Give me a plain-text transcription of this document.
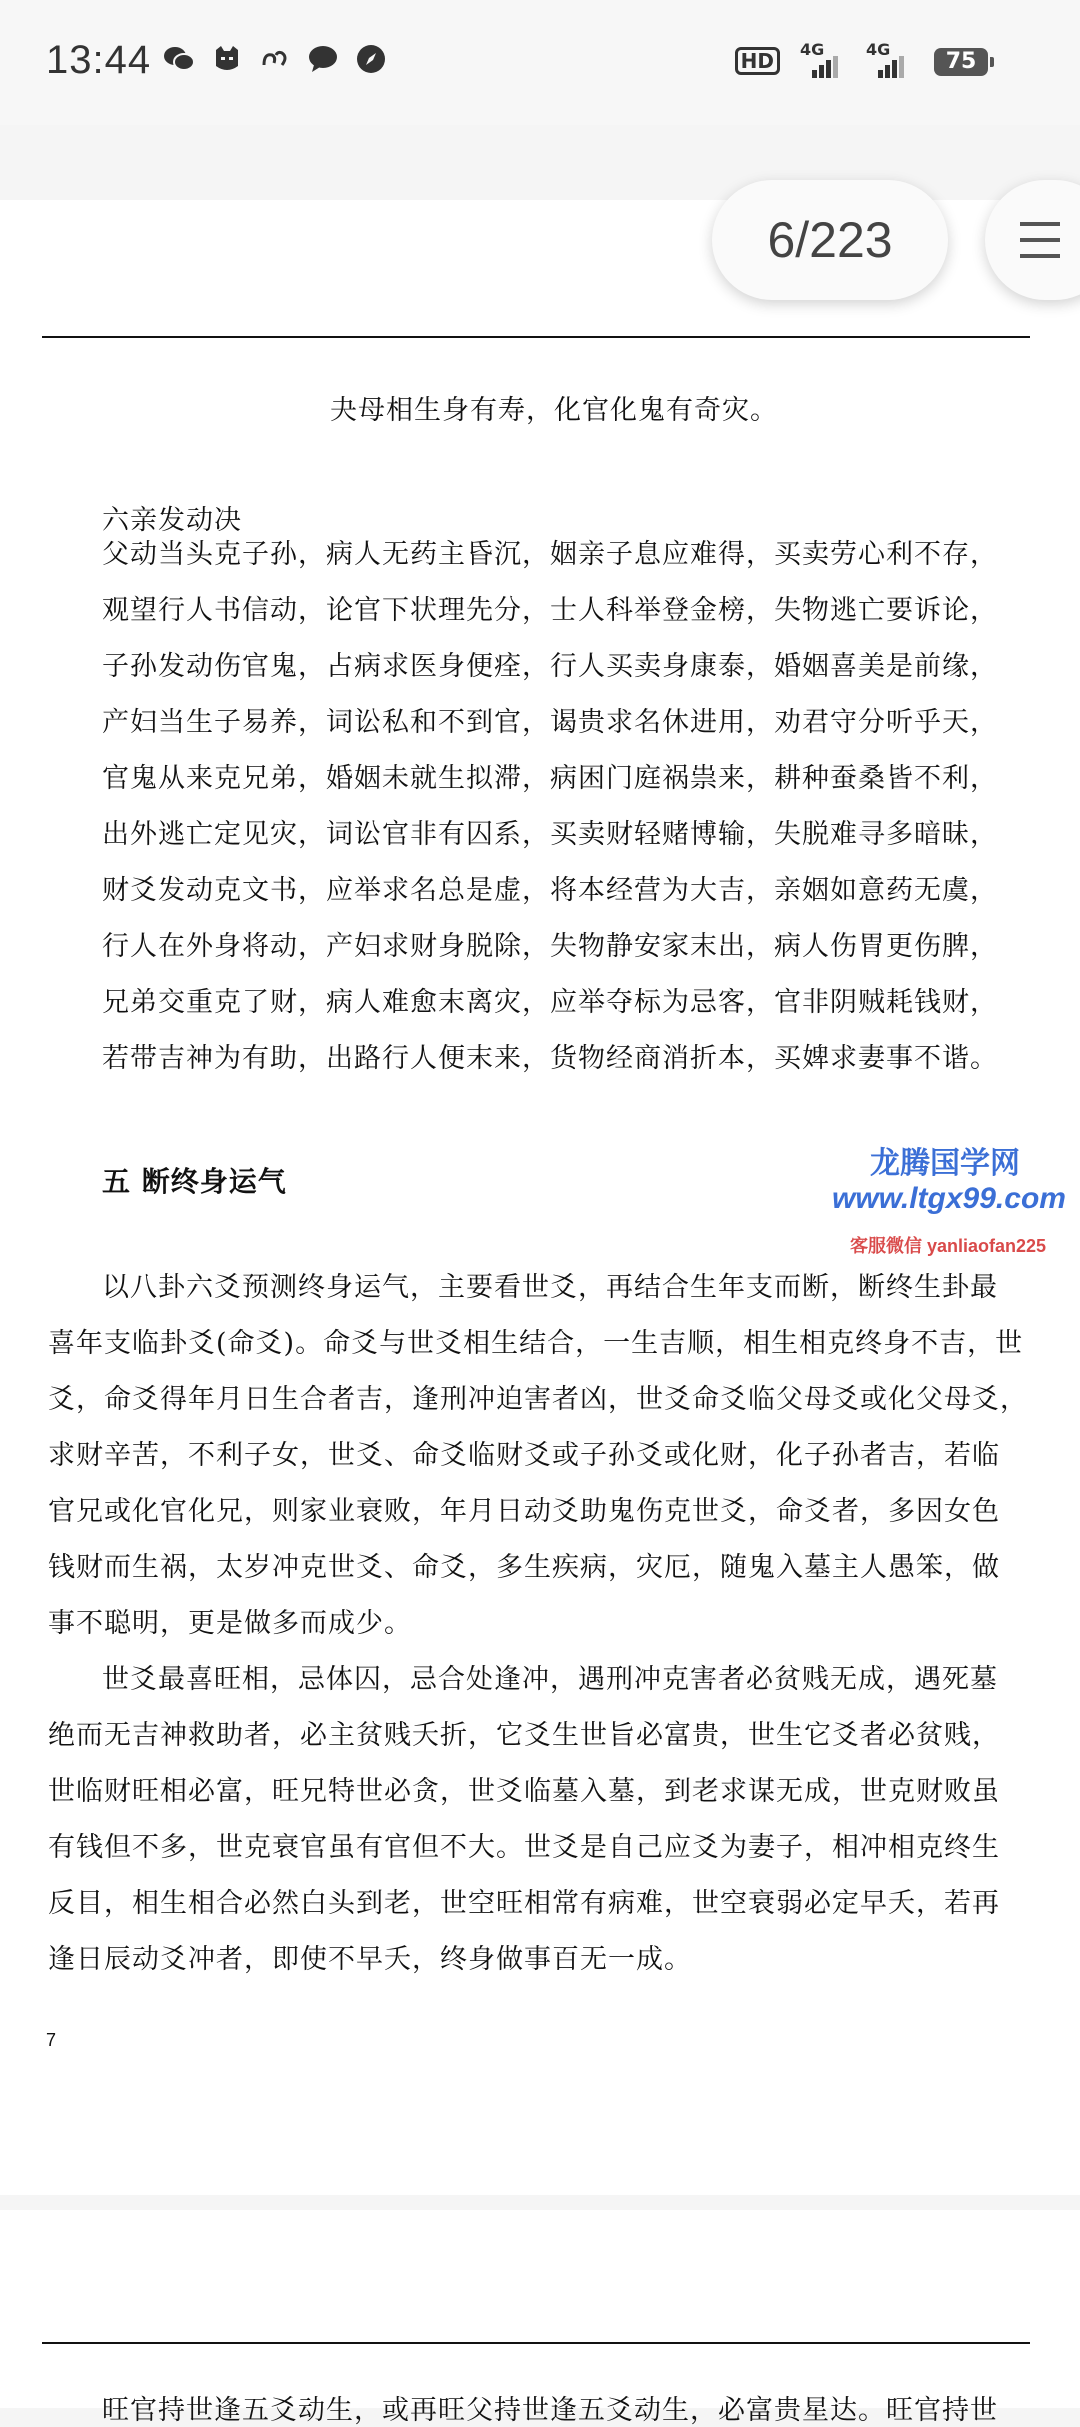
13:44	HD	4G	4G	75
夬母相生身有寿，化官化鬼有奇灾。
六亲发动决
父动当头克子孙，病人无药主昏沉，姻亲子息应难得，买卖劳心利不存，
观望行人书信动，论官下状理先分，士人科举登金榜，失物逃亡要诉论，
子孙发动伤官鬼，占病求医身便痊，行人买卖身康泰，婚姻喜美是前缘，
产妇当生子易养，词讼私和不到官，谒贵求名休进用，劝君守分听乎天，
官鬼从来克兄弟，婚姻未就生拟滞，病困门庭祸祟来，耕种蚕桑皆不利，
出外逃亡定见灾，词讼官非有囚系，买卖财轻赌博输，失脱难寻多暗昧，
财爻发动克文书，应举求名总是虚，将本经营为大吉，亲姻如意药无虞，
行人在外身将动，产妇求财身脱除，失物静安家末出，病人伤胃更伤脾，
兄弟交重克了财，病人难愈末离灾，应举夺标为忌客，官非阴贼耗钱财，
若带吉神为有助，出路行人便末来，货物经商消折本，买婢求妻事不谐。
五 断终身运气
以八卦六爻预测终身运气，主要看世爻，再结合生年支而断，断终生卦最
喜年支临卦爻(命爻)。命爻与世爻相生结合，一生吉顺，相生相克终身不吉，世
爻，命爻得年月日生合者吉，逢刑冲迫害者凶，世爻命爻临父母爻或化父母爻，
求财辛苦，不利子女，世爻、命爻临财爻或子孙爻或化财，化子孙者吉，若临
官兄或化官化兄，则家业衰败，年月日动爻助鬼伤克世爻，命爻者，多因女色
钱财而生祸，太岁冲克世爻、命爻，多生疾病，灾厄，随鬼入墓主人愚笨，做
事不聪明，更是做多而成少。
世爻最喜旺相，忌体囚，忌合处逢冲，遇刑冲克害者必贫贱无成，遇死墓
绝而无吉神救助者，必主贫贱夭折，它爻生世旨必富贵，世生它爻者必贫贱，
世临财旺相必富，旺兄特世必贪，世爻临墓入墓，到老求谋无成，世克财败虽
有钱但不多，世克衰官虽有官但不大。世爻是自己应爻为妻子，相冲相克终生
反目，相生相合必然白头到老，世空旺相常有病难，世空衰弱必定早夭，若再
逢日辰动爻冲者，即使不早夭，终身做事百无一成。
7
龙腾国学网
www.ltgx99.com
客服微信 yanliaofan225
旺官持世逢五爻动生，或再旺父持世逢五爻动生，必富贵星达。旺官持世
6/223
